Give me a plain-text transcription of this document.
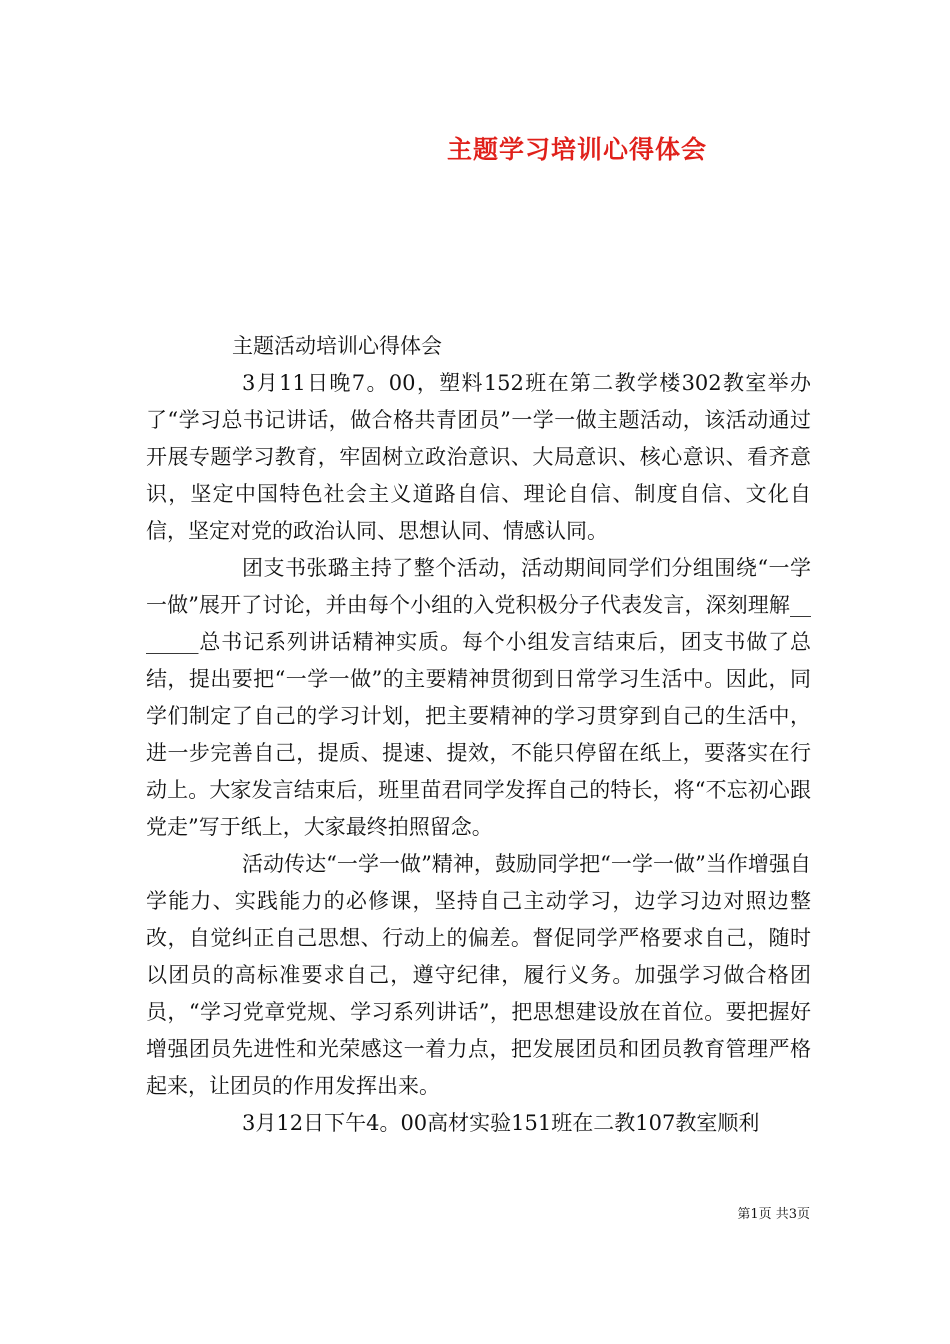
主题学习培训心得体会

主题活动培训心得体会

3月11日晚7。00，塑料152班在第二教学楼302教室举办了“学习总书记讲话，做合格共青团员”一学一做主题活动，该活动通过开展专题学习教育，牢固树立政治意识、大局意识、核心意识、看齐意识，坚定中国特色社会主义道路自信、理论自信、制度自信、文化自信，坚定对党的政治认同、思想认同、情感认同。

团支书张璐主持了整个活动，活动期间同学们分组围绕“一学一做”展开了讨论，并由每个小组的入党积极分子代表发言，深刻理解_______总书记系列讲话精神实质。每个小组发言结束后，团支书做了总结，提出要把“一学一做”的主要精神贯彻到日常学习生活中。因此，同学们制定了自己的学习计划，把主要精神的学习贯穿到自己的生活中，进一步完善自己，提质、提速、提效，不能只停留在纸上，要落实在行动上。大家发言结束后，班里苗君同学发挥自己的特长，将“不忘初心跟党走”写于纸上，大家最终拍照留念。

活动传达“一学一做”精神，鼓励同学把“一学一做”当作增强自学能力、实践能力的必修课，坚持自己主动学习，边学习边对照边整改，自觉纠正自己思想、行动上的偏差。督促同学严格要求自己，随时以团员的高标准要求自己，遵守纪律，履行义务。加强学习做合格团员，“学习党章党规、学习系列讲话”，把思想建设放在首位。要把握好增强团员先进性和光荣感这一着力点，把发展团员和团员教育管理严格起来，让团员的作用发挥出来。

3月12日下午4。00高材实验151班在二教107教室顺利

第1页 共3页
